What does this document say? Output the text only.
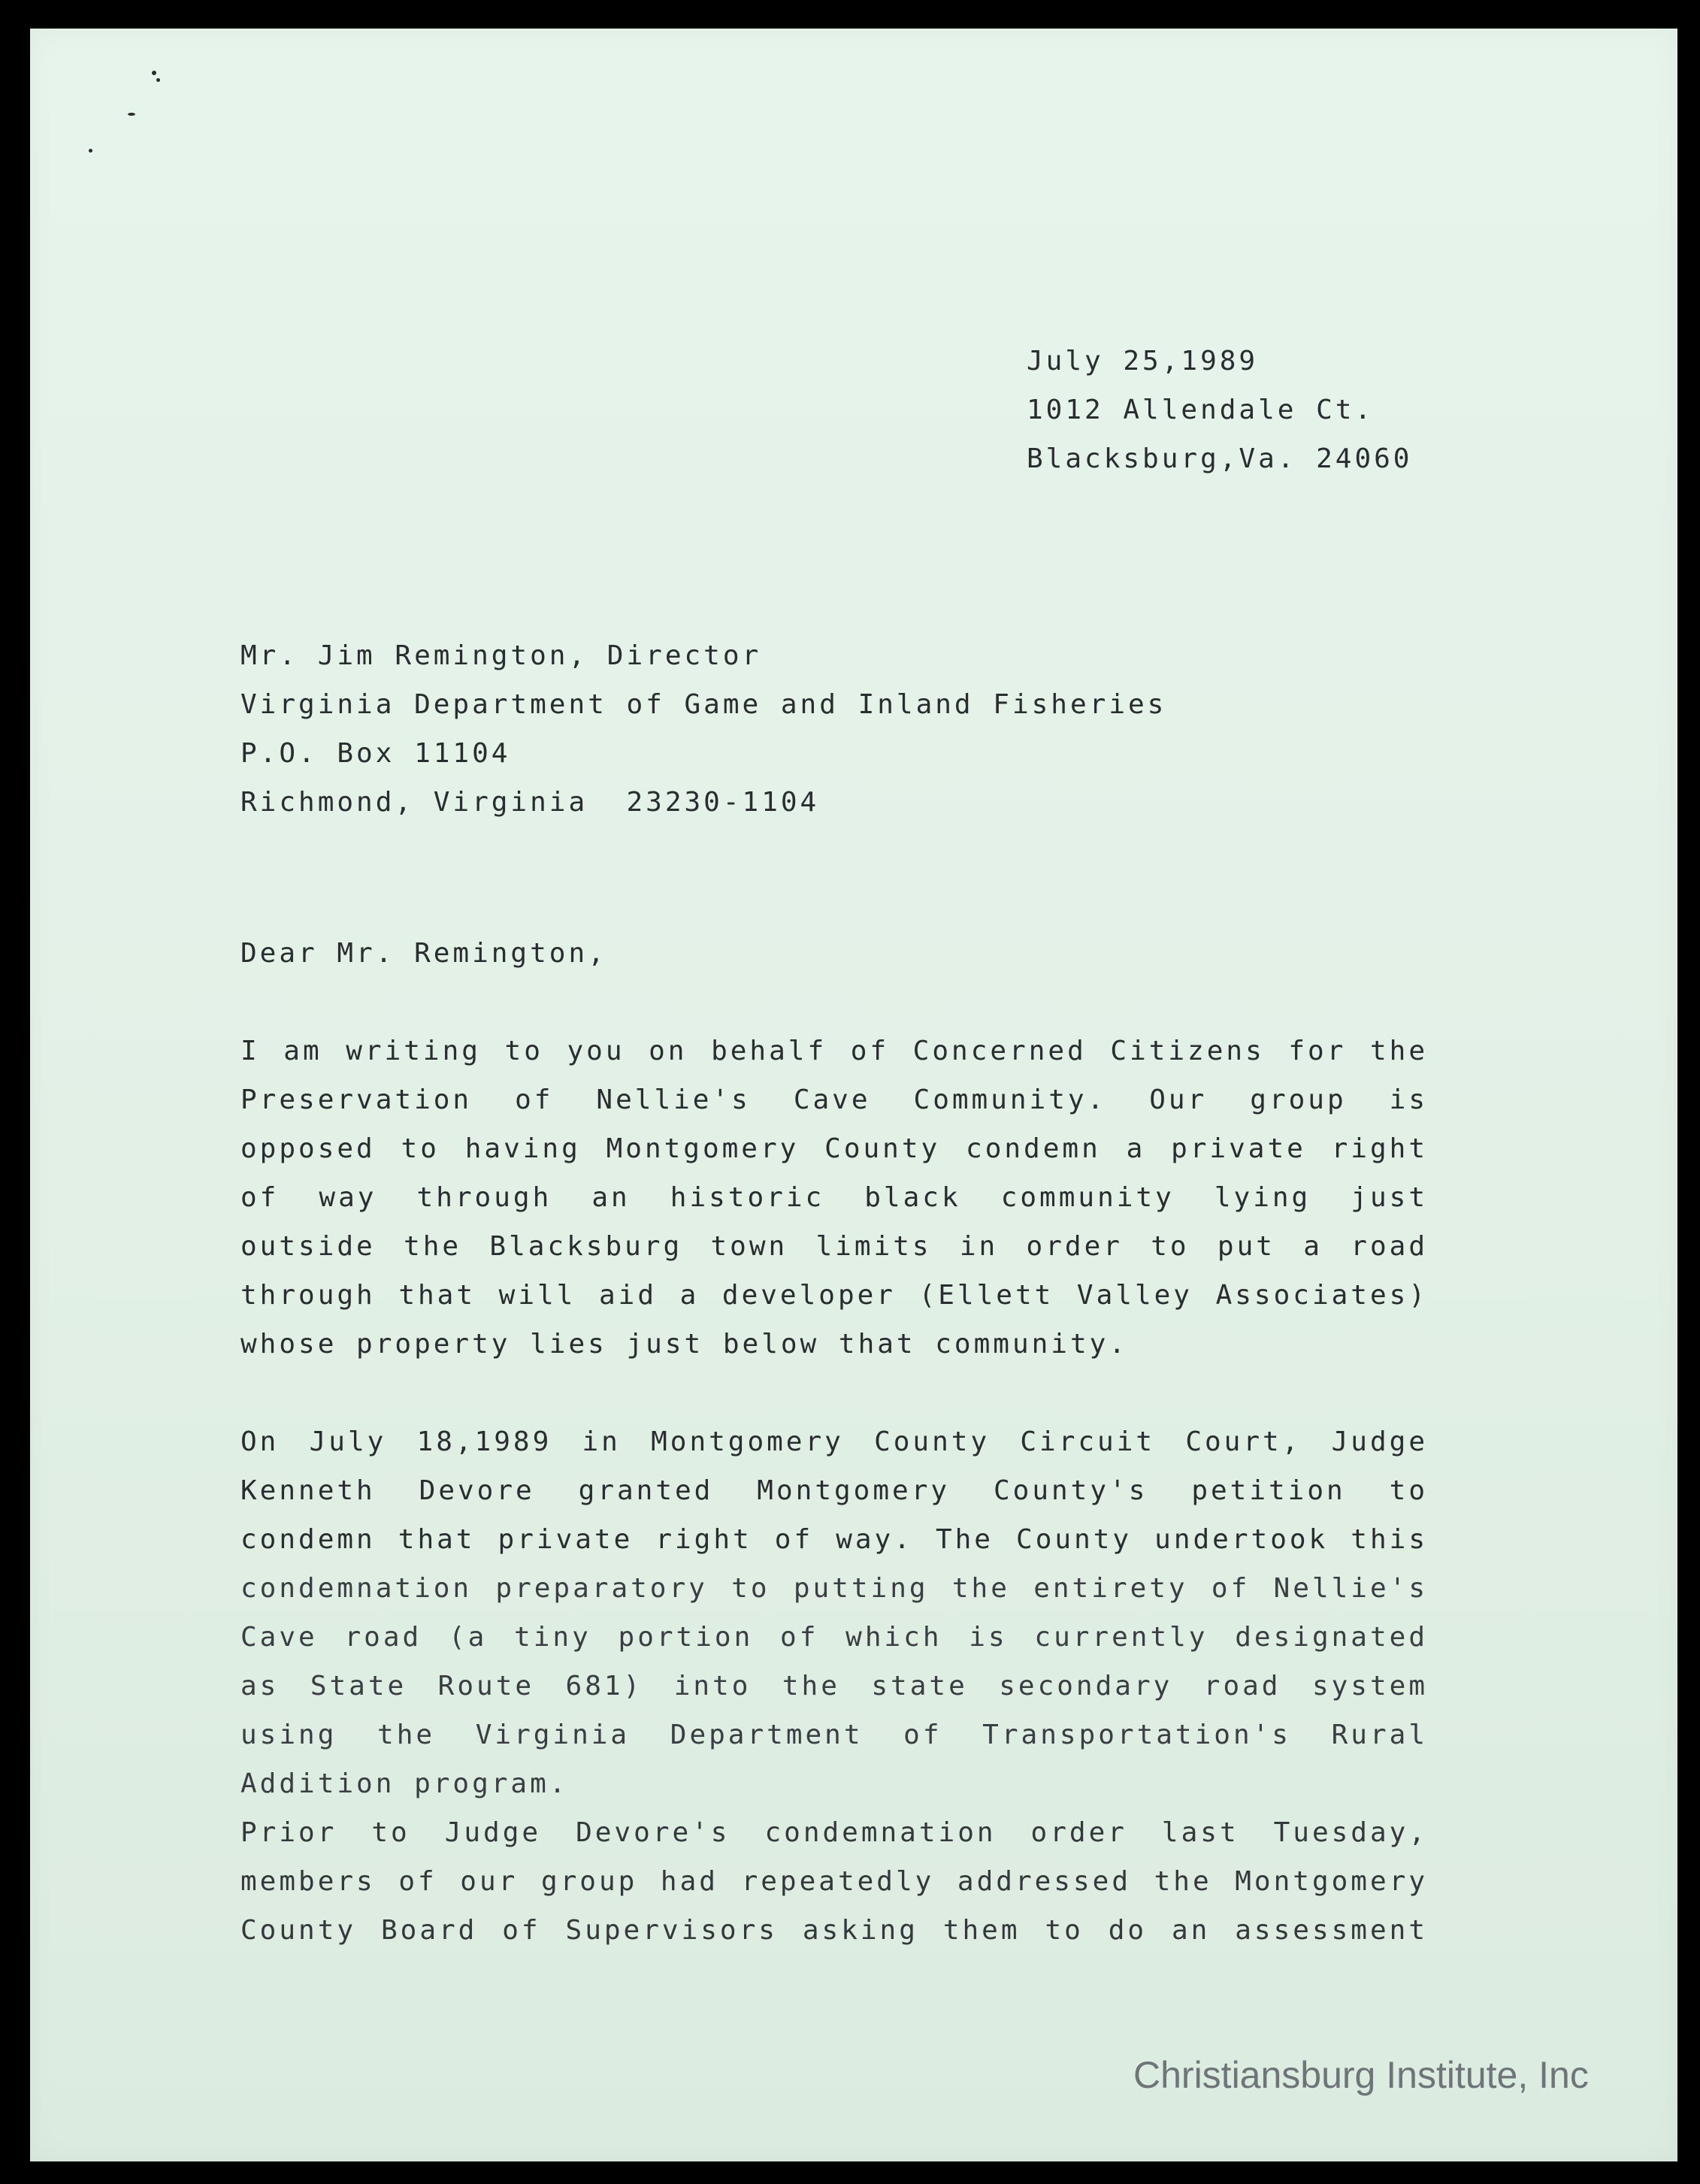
July 25,1989
1012 Allendale Ct.
Blacksburg,Va. 24060
Mr. Jim Remington, Director
Virginia Department of Game and Inland Fisheries
P.O. Box 11104
Richmond, Virginia  23230-1104
Dear Mr. Remington,
I am writing to you on behalf of Concerned Citizens for the
Preservation of Nellie's Cave Community. Our group is
opposed to having Montgomery County condemn a private right
of way through an historic black community lying just
outside the Blacksburg town limits in order to put a road
through that will aid a developer (Ellett Valley Associates)
whose property lies just below that community.
On July 18,1989 in Montgomery County Circuit Court, Judge
Kenneth Devore granted Montgomery County's petition to
condemn that private right of way. The County undertook this
condemnation preparatory to putting the entirety of Nellie's
Cave road (a tiny portion of which is currently designated
as State Route 681) into the state secondary road system
using the Virginia Department of Transportation's Rural
Addition program.
Prior to Judge Devore's condemnation order last Tuesday,
members of our group had repeatedly addressed the Montgomery
County Board of Supervisors asking them to do an assessment
Christiansburg Institute, Inc
